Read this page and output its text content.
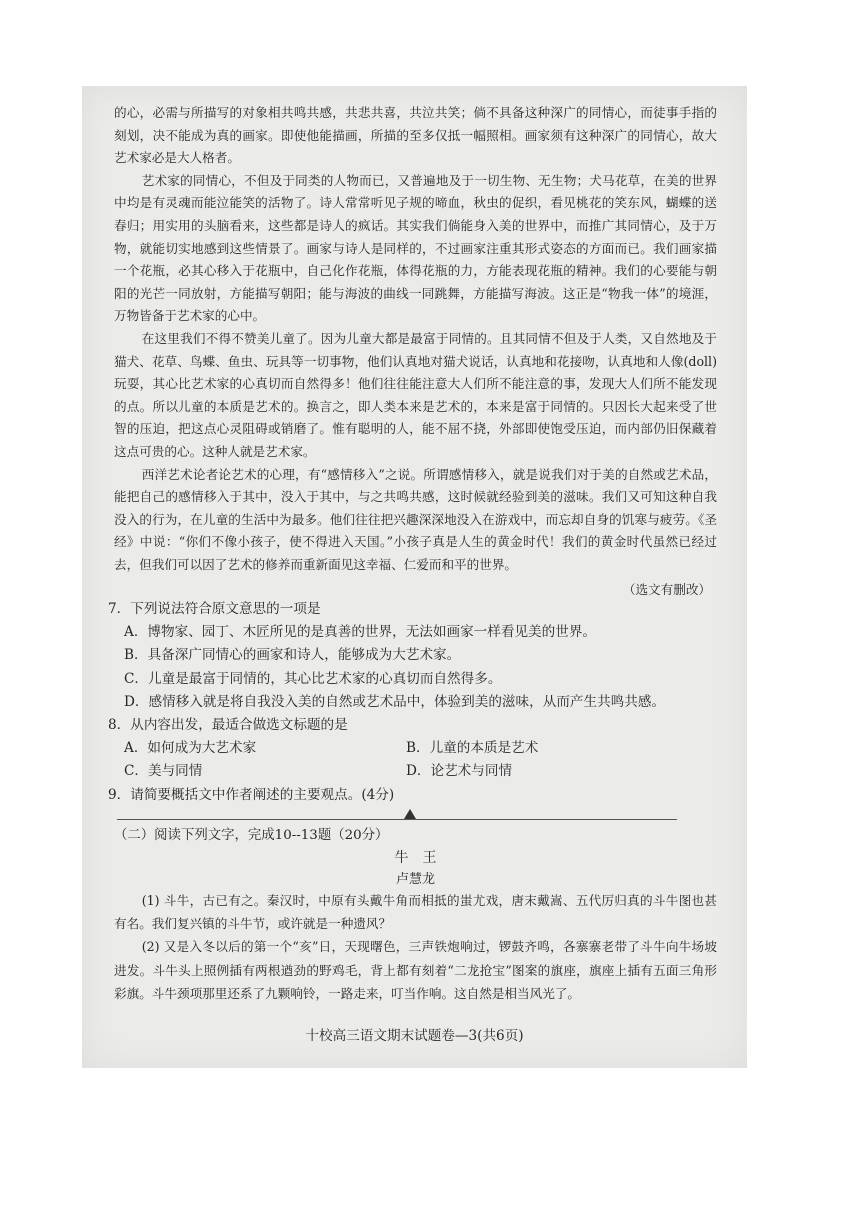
的心，必需与所描写的对象相共鸣共感，共悲共喜，共泣共笑；倘不具备这种深广的同情心，而徒事手指的刻划，决不能成为真的画家。即使他能描画，所描的至多仅抵一幅照相。画家须有这种深广的同情心，故大艺术家必是大人格者。

艺术家的同情心，不但及于同类的人物而已，又普遍地及于一切生物、无生物；犬马花草，在美的世界中均是有灵魂而能泣能笑的活物了。诗人常常听见子规的啼血，秋虫的促织，看见桃花的笑东风，蝴蝶的送春归；用实用的头脑看来，这些都是诗人的疯话。其实我们倘能身入美的世界中，而推广其同情心，及于万物，就能切实地感到这些情景了。画家与诗人是同样的，不过画家注重其形式姿态的方面而已。我们画家描一个花瓶，必其心移入于花瓶中，自己化作花瓶，体得花瓶的力，方能表现花瓶的精神。我们的心要能与朝阳的光芒一同放射，方能描写朝阳；能与海波的曲线一同跳舞，方能描写海波。这正是“物我一体”的境涯，万物皆备于艺术家的心中。

在这里我们不得不赞美儿童了。因为儿童大都是最富于同情的。且其同情不但及于人类，又自然地及于猫犬、花草、鸟蝶、鱼虫、玩具等一切事物，他们认真地对猫犬说话，认真地和花接吻，认真地和人像(doll)玩耍，其心比艺术家的心真切而自然得多！他们往往能注意大人们所不能注意的事，发现大人们所不能发现的点。所以儿童的本质是艺术的。换言之，即人类本来是艺术的，本来是富于同情的。只因长大起来受了世智的压迫，把这点心灵阻碍或销磨了。惟有聪明的人，能不屈不挠，外部即使饱受压迫，而内部仍旧保藏着这点可贵的心。这种人就是艺术家。

西洋艺术论者论艺术的心理，有“感情移入”之说。所谓感情移入，就是说我们对于美的自然或艺术品，能把自己的感情移入于其中，没入于其中，与之共鸣共感，这时候就经验到美的滋味。我们又可知这种自我没入的行为，在儿童的生活中为最多。他们往往把兴趣深深地没入在游戏中，而忘却自身的饥寒与疲劳。《圣经》中说：“你们不像小孩子，使不得进入天国。”小孩子真是人生的黄金时代！我们的黄金时代虽然已经过去，但我们可以因了艺术的修养而重新面见这幸福、仁爱而和平的世界。

（选文有删改）
7．下列说法符合原文意思的一项是
A．博物家、园丁、木匠所见的是真善的世界，无法如画家一样看见美的世界。
B．具备深广同情心的画家和诗人，能够成为大艺术家。
C．儿童是最富于同情的，其心比艺术家的心真切而自然得多。
D．感情移入就是将自我没入美的自然或艺术品中，体验到美的滋味，从而产生共鸣共感。
8．从内容出发，最适合做选文标题的是
A．如何成为大艺术家	B．儿童的本质是艺术
C．美与同情	D．论艺术与同情
9．请简要概括文中作者阐述的主要观点。(4分)
（二）阅读下列文字，完成10--13题（20分）
牛王
卢慧龙

(1) 斗牛，古已有之。秦汉时，中原有头戴牛角而相抵的蚩尤戏，唐末戴嵩、五代厉归真的斗牛图也甚有名。我们复兴镇的斗牛节，或许就是一种遗风？

(2) 又是入冬以后的第一个“亥”日，天现曙色，三声铁炮响过，锣鼓齐鸣，各寨寨老带了斗牛向牛场坡进发。斗牛头上照例插有两根遒劲的野鸡毛，背上都有刻着“二龙抢宝”图案的旗座，旗座上插有五面三角形彩旗。斗牛颈项那里还系了九颗响铃，一路走来，叮当作响。这自然是相当风光了。

十校高三语文期末试题卷—3(共6页)
